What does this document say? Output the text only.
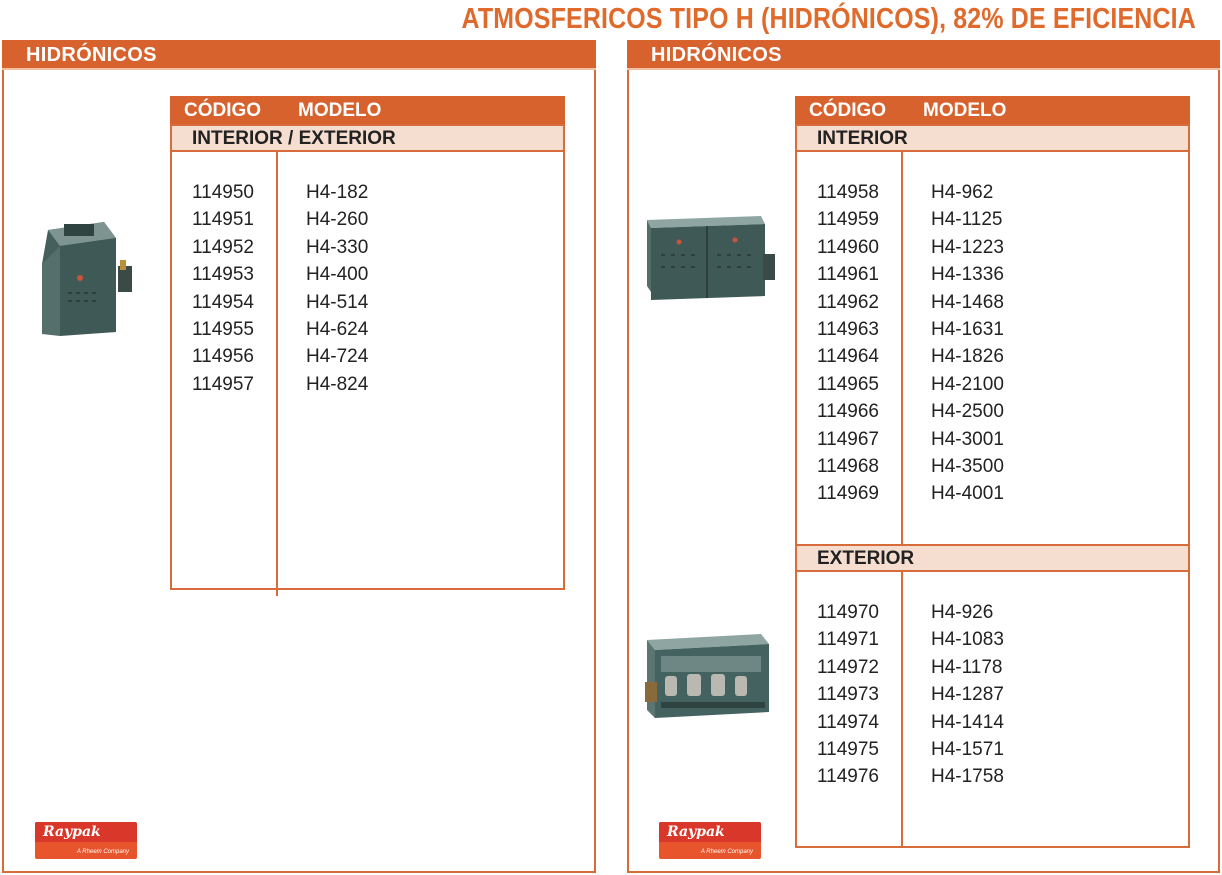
ATMOSFERICOS TIPO H (HIDRÓNICOS), 82% DE EFICIENCIA
HIDRÓNICOS
CÓDIGO MODELO
INTERIOR / EXTERIOR
114950	H4-182
114951	H4-260
114952	H4-330
114953	H4-400
114954	H4-514
114955	H4-624
114956	H4-724
114957	H4-824
Raypak
A Rheem Company
HIDRÓNICOS
CÓDIGO MODELO
INTERIOR
114958	H4-962
114959	H4-1125
114960	H4-1223
114961	H4-1336
114962	H4-1468
114963	H4-1631
114964	H4-1826
114965	H4-2100
114966	H4-2500
114967	H4-3001
114968	H4-3500
114969	H4-4001
EXTERIOR
114970	H4-926
114971	H4-1083
114972	H4-1178
114973	H4-1287
114974	H4-1414
114975	H4-1571
114976	H4-1758
Raypak
A Rheem Company
